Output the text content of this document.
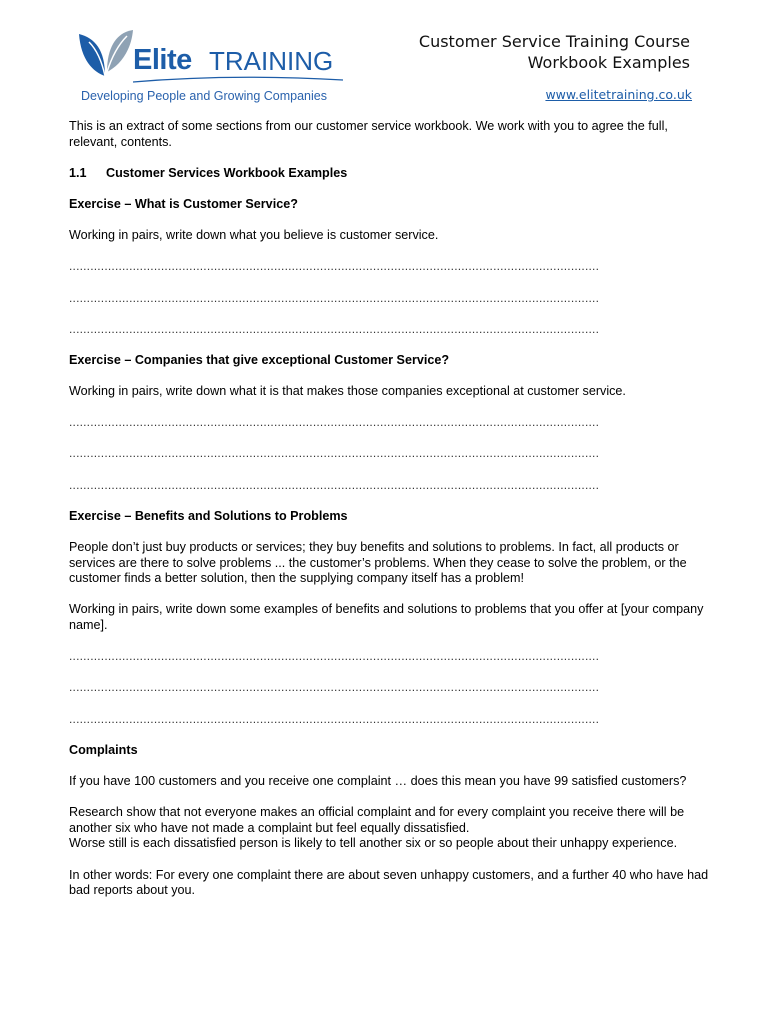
Elite TRAINING
Developing People and Growing Companies
Customer Service Training Course
Workbook Examples
www.elitetraining.co.uk

This is an extract of some sections from our customer service workbook. We work with you to agree the full, relevant, contents.

1.1 Customer Services Workbook Examples

Exercise – What is Customer Service?

Working in pairs, write down what you believe is customer service.

......................................................................................................................................................

......................................................................................................................................................

......................................................................................................................................................

Exercise – Companies that give exceptional Customer Service?

Working in pairs, write down what it is that makes those companies exceptional at customer service.

......................................................................................................................................................

......................................................................................................................................................

......................................................................................................................................................

Exercise – Benefits and Solutions to Problems

People don’t just buy products or services; they buy benefits and solutions to problems. In fact, all products or services are there to solve problems ... the customer’s problems. When they cease to solve the problem, or the customer finds a better solution, then the supplying company itself has a problem!

Working in pairs, write down some examples of benefits and solutions to problems that you offer at [your company name].

......................................................................................................................................................

......................................................................................................................................................

......................................................................................................................................................

Complaints

If you have 100 customers and you receive one complaint … does this mean you have 99 satisfied customers?

Research show that not everyone makes an official complaint and for every complaint you receive there will be another six who have not made a complaint but feel equally dissatisfied.

Worse still is each dissatisfied person is likely to tell another six or so people about their unhappy experience.

In other words: For every one complaint there are about seven unhappy customers, and a further 40 who have had bad reports about you.
